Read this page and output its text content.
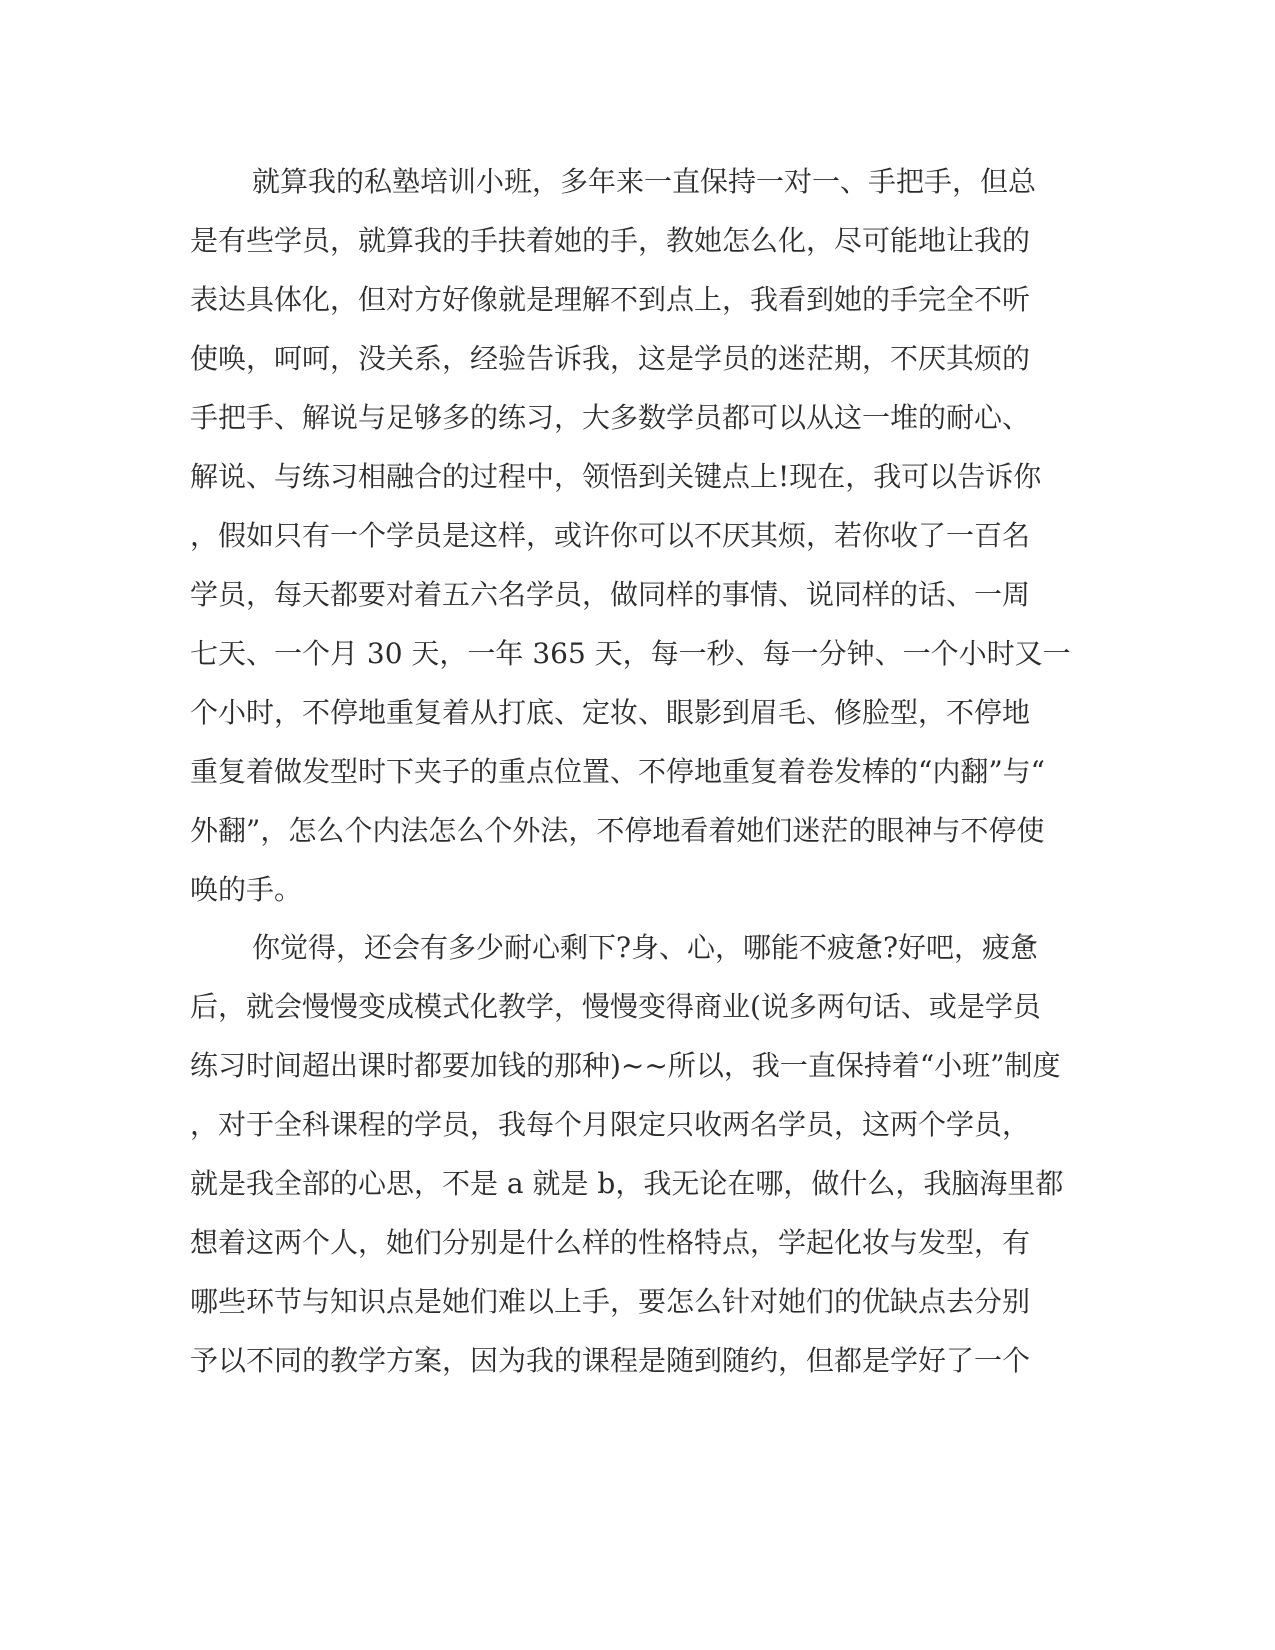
就算我的私塾培训小班，多年来一直保持一对一、手把手，但总
是有些学员，就算我的手扶着她的手，教她怎么化，尽可能地让我的
表达具体化，但对方好像就是理解不到点上，我看到她的手完全不听
使唤，呵呵，没关系，经验告诉我，这是学员的迷茫期，不厌其烦的
手把手、解说与足够多的练习，大多数学员都可以从这一堆的耐心、
解说、与练习相融合的过程中，领悟到关键点上!现在，我可以告诉你
，假如只有一个学员是这样，或许你可以不厌其烦，若你收了一百名
学员，每天都要对着五六名学员，做同样的事情、说同样的话、一周
七天、一个月 30 天，一年 365 天，每一秒、每一分钟、一个小时又一
个小时，不停地重复着从打底、定妆、眼影到眉毛、修脸型，不停地
重复着做发型时下夹子的重点位置、不停地重复着卷发棒的“内翻”与“
外翻”，怎么个内法怎么个外法，不停地看着她们迷茫的眼神与不停使
唤的手。
你觉得，还会有多少耐心剩下?身、心，哪能不疲惫?好吧，疲惫
后，就会慢慢变成模式化教学，慢慢变得商业(说多两句话、或是学员
练习时间超出课时都要加钱的那种)~~所以，我一直保持着“小班”制度
，对于全科课程的学员，我每个月限定只收两名学员，这两个学员，
就是我全部的心思，不是 a 就是 b，我无论在哪，做什么，我脑海里都
想着这两个人，她们分别是什么样的性格特点，学起化妆与发型，有
哪些环节与知识点是她们难以上手，要怎么针对她们的优缺点去分别
予以不同的教学方案，因为我的课程是随到随约，但都是学好了一个
